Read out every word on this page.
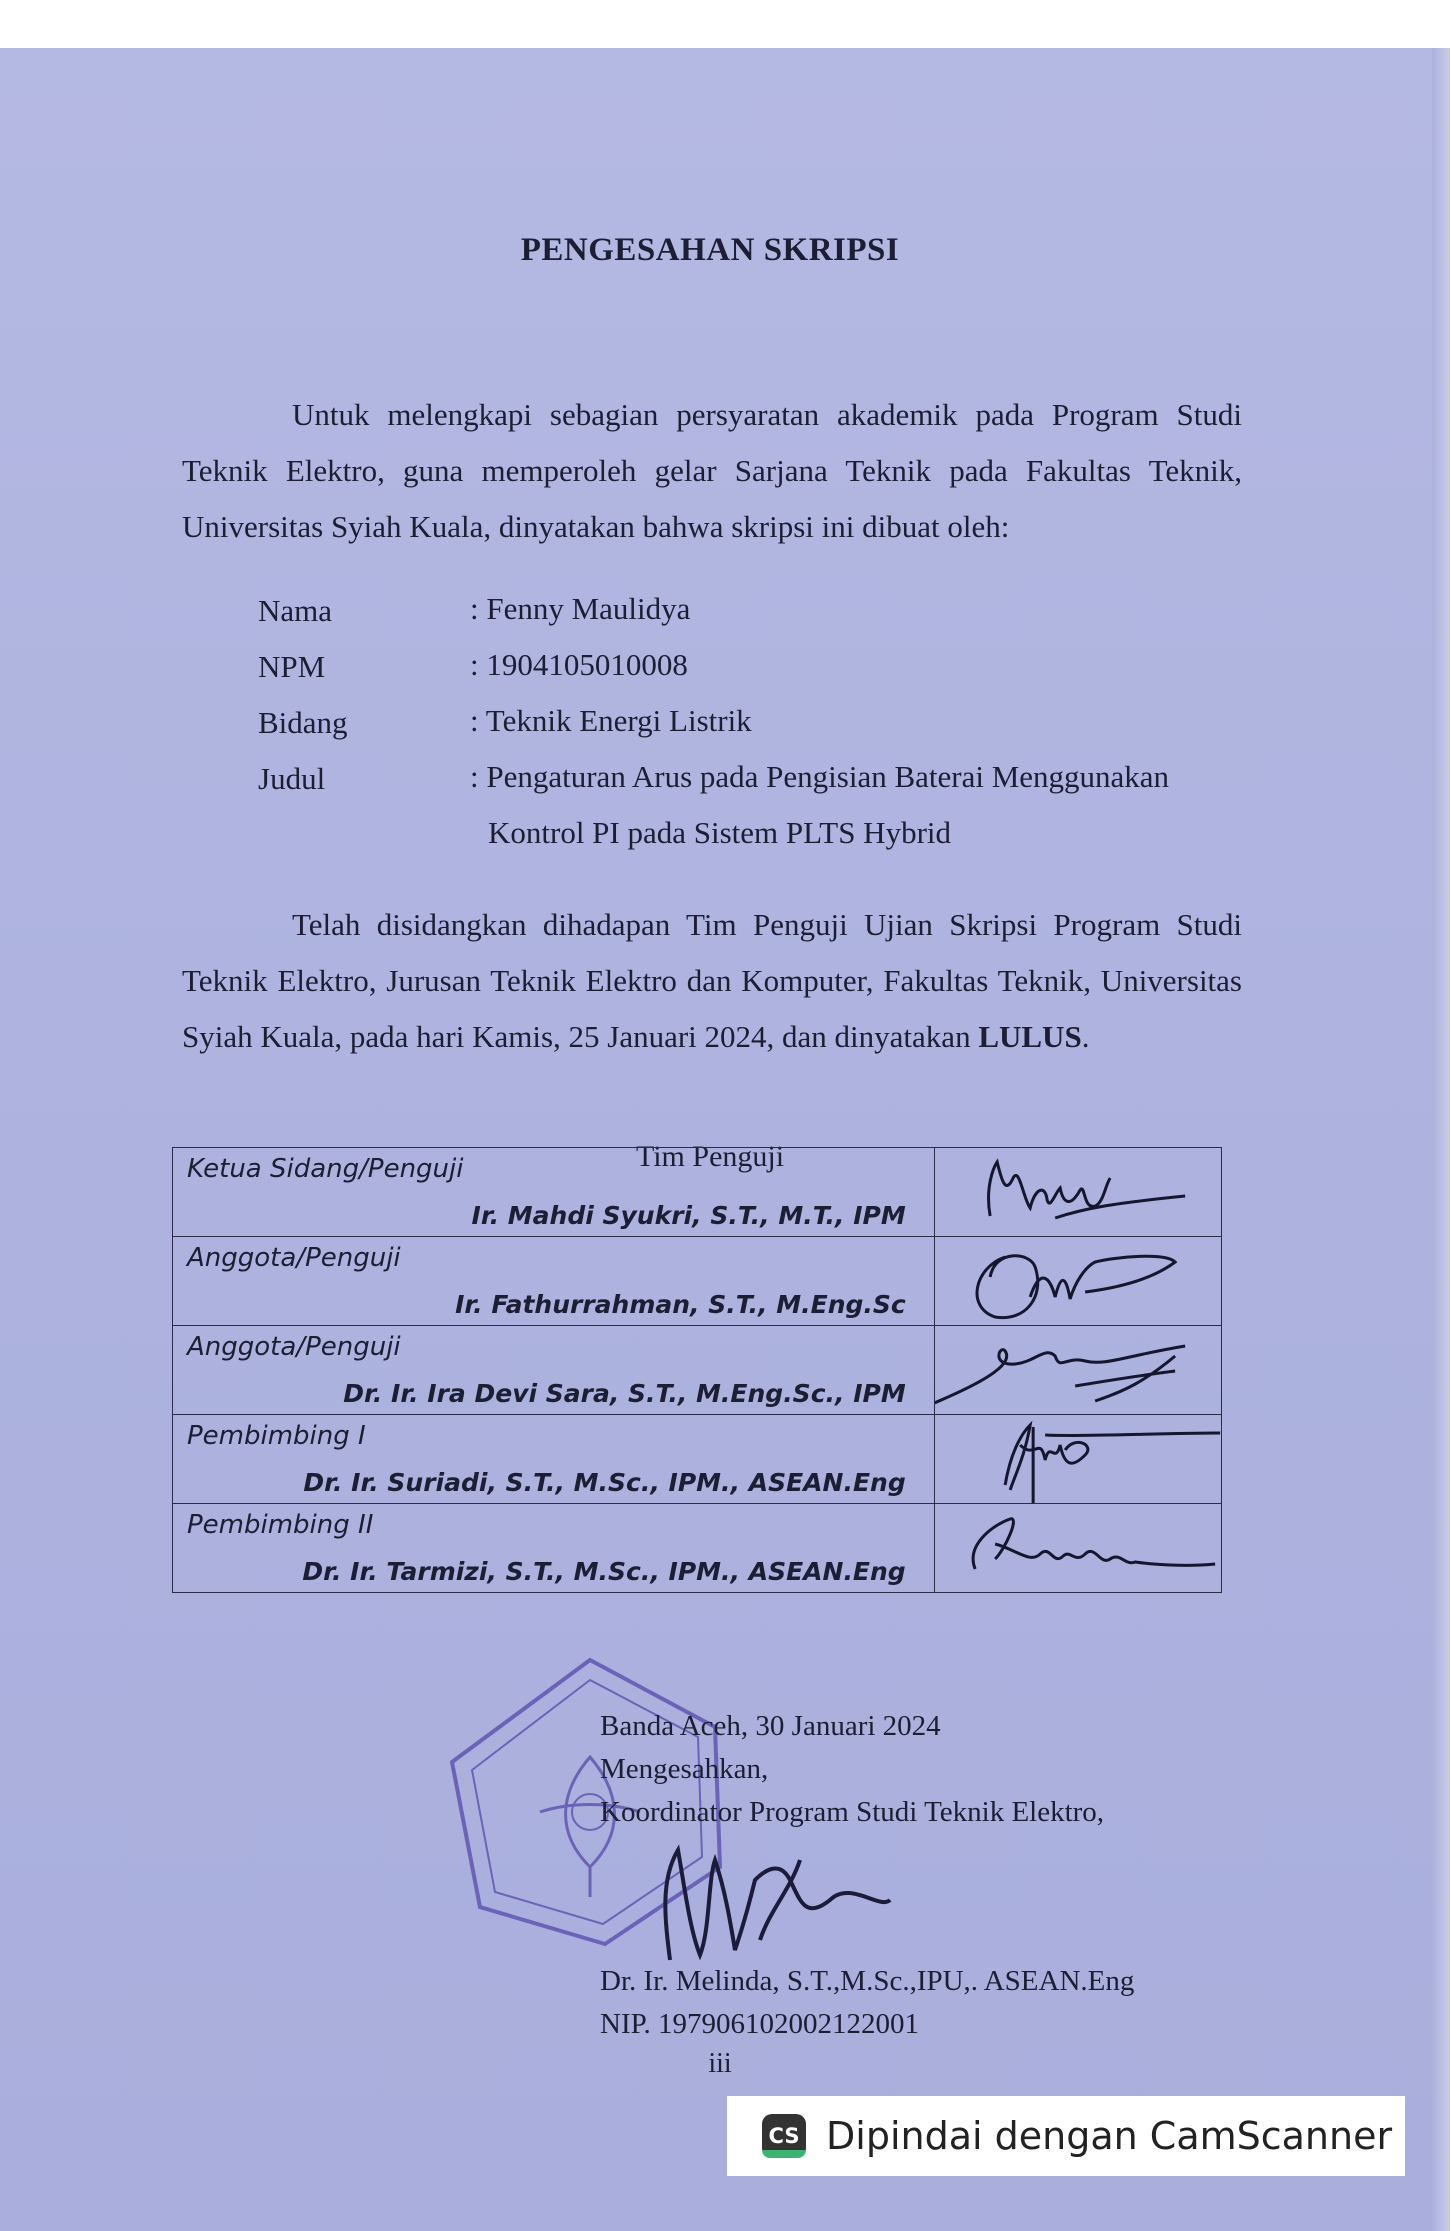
PENGESAHAN SKRIPSI
Untuk melengkapi sebagian persyaratan akademik pada Program Studi Teknik Elektro, guna memperoleh gelar Sarjana Teknik pada Fakultas Teknik, Universitas Syiah Kuala, dinyatakan bahwa skripsi ini dibuat oleh:
Nama	: Fenny Maulidya
NPM	: 1904105010008
Bidang	: Teknik Energi Listrik
Judul	: Pengaturan Arus pada Pengisian Baterai Menggunakan
Kontrol PI pada Sistem PLTS Hybrid
Telah disidangkan dihadapan Tim Penguji Ujian Skripsi Program Studi Teknik Elektro, Jurusan Teknik Elektro dan Komputer, Fakultas Teknik, Universitas Syiah Kuala, pada hari Kamis, 25 Januari 2024, dan dinyatakan LULUS.
Tim Penguji
Ketua Sidang/Penguji
Ir. Mahdi Syukri, S.T., M.T., IPM

Anggota/Penguji
Ir. Fathurrahman, S.T., M.Eng.Sc

Anggota/Penguji
Dr. Ir. Ira Devi Sara, S.T., M.Eng.Sc., IPM

Pembimbing I
Dr. Ir. Suriadi, S.T., M.Sc., IPM., ASEAN.Eng

Pembimbing II
Dr. Ir. Tarmizi, S.T., M.Sc., IPM., ASEAN.Eng

Banda Aceh, 30 Januari 2024
Mengesahkan,
Koordinator Program Studi Teknik Elektro,
Dr. Ir. Melinda, S.T.,M.Sc.,IPU,. ASEAN.Eng
NIP. 197906102002122001
iii
CS Dipindai dengan CamScanner
